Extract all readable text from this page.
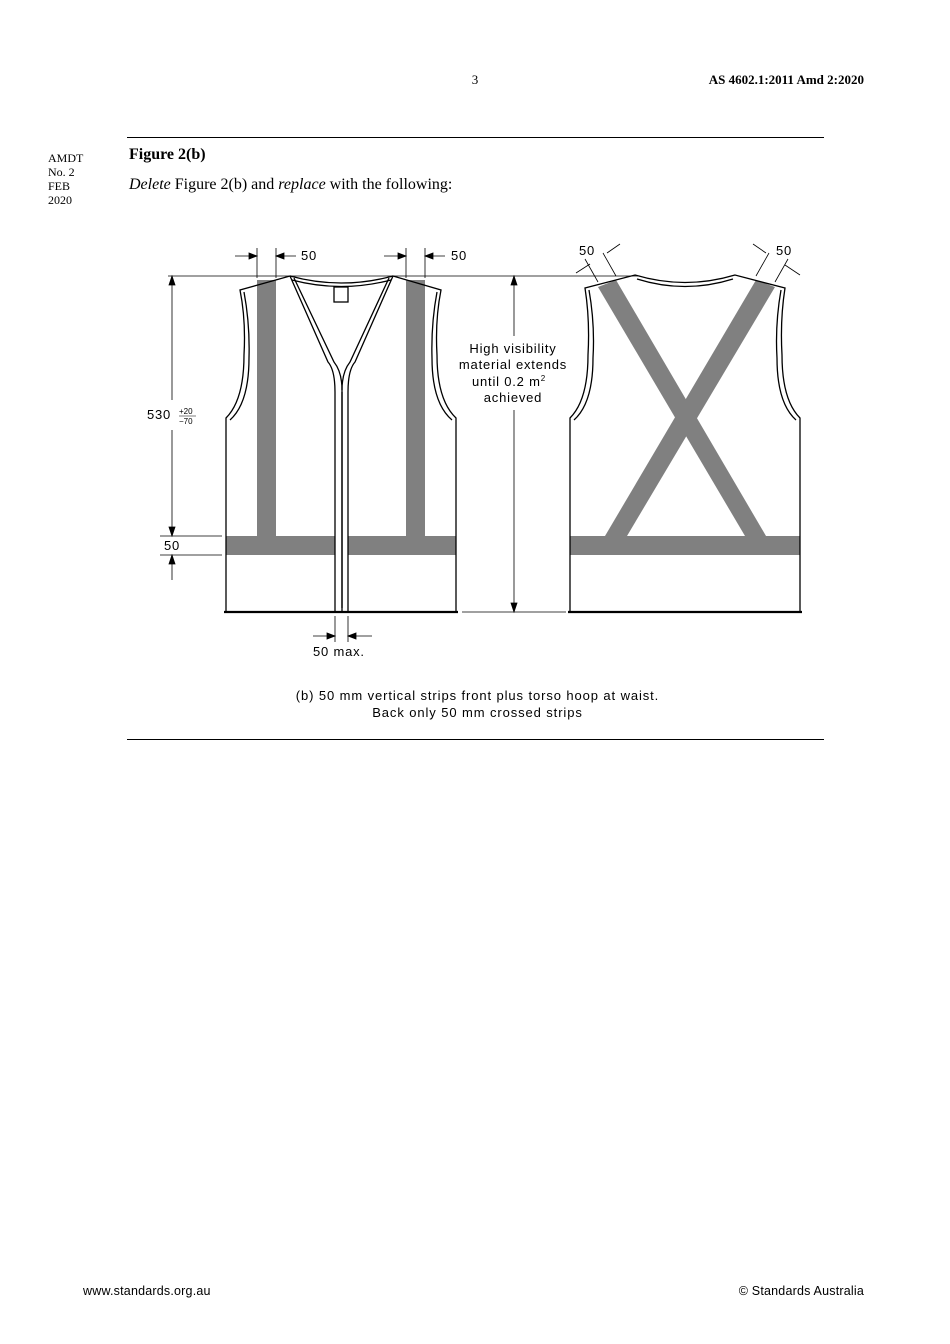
3	AS 4602.1:2011 Amd 2:2020
AMDT
No. 2
FEB
2020
Figure 2(b)
Delete Figure 2(b) and replace with the following:
50	50	50	50
530
50
50 max.
+20
−70
High visibility
material extends
until 0.2 $m^2$
achieved
(b) 50 mm vertical strips front plus torso hoop at waist.
Back only 50 mm crossed strips
www.standards.org.au	© Standards Australia
